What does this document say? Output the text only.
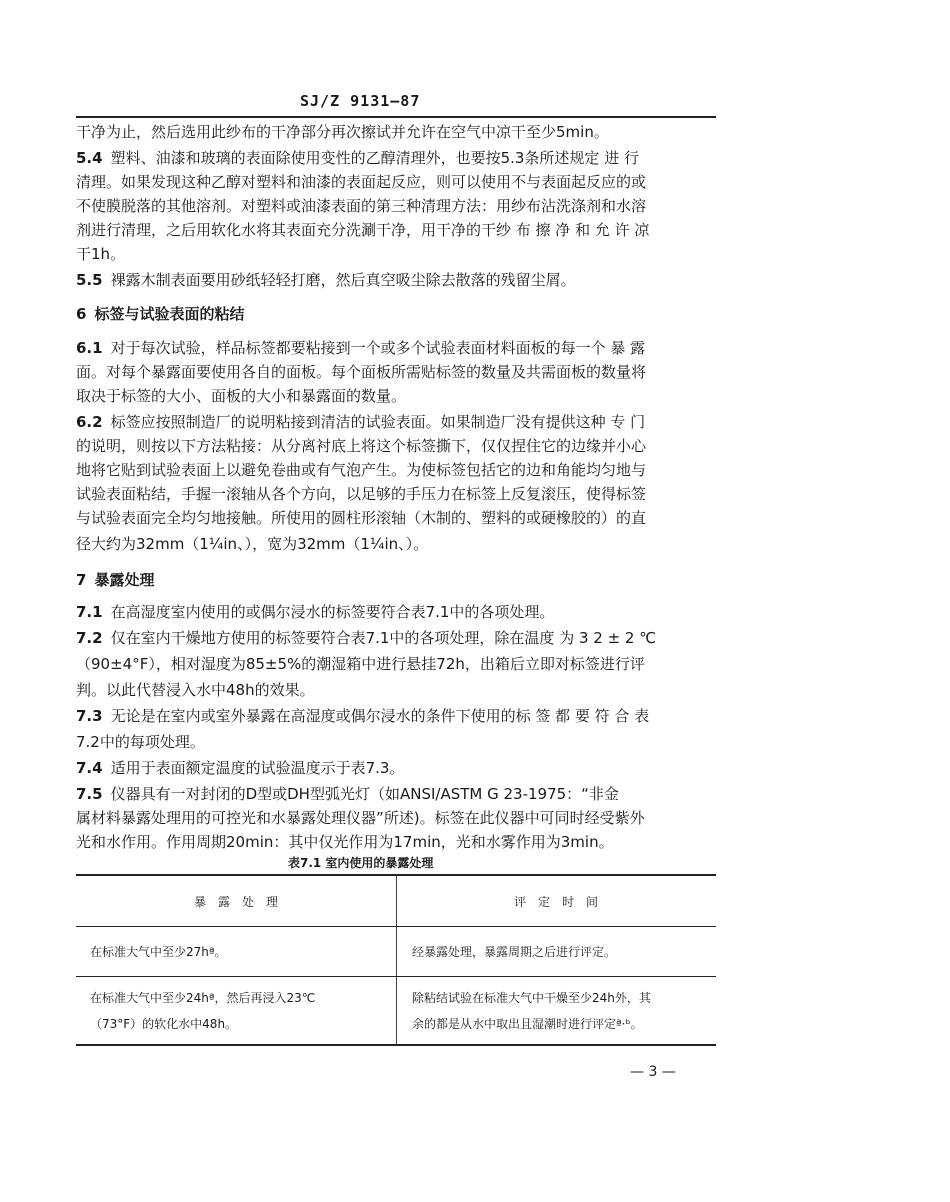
SJ/Z 9131—87
干净为止，然后选用此纱布的干净部分再次擦试并允许在空气中凉干至少5min。
5.4 塑料、油漆和玻璃的表面除使用变性的乙醇清理外，也要按5.3条所述规定 进 行
清理。如果发现这种乙醇对塑料和油漆的表面起反应，则可以使用不与表面起反应的或
不使膜脱落的其他溶剂。对塑料或油漆表面的第三种清理方法：用纱布沾洗涤剂和水溶
剂进行清理，之后用软化水将其表面充分洗涮干净，用干净的干纱 布 擦 净 和 允 许 凉
干1h。
5.5 裸露木制表面要用砂纸轻轻打磨，然后真空吸尘除去散落的残留尘屑。
6 标签与试验表面的粘结
6.1 对于每次试验，样品标签都要粘接到一个或多个试验表面材料面板的每一个 暴 露
面。对每个暴露面要使用各自的面板。每个面板所需贴标签的数量及共需面板的数量将
取决于标签的大小、面板的大小和暴露面的数量。
6.2 标签应按照制造厂的说明粘接到清洁的试验表面。如果制造厂没有提供这种 专 门
的说明，则按以下方法粘接：从分离衬底上将这个标签撕下，仅仅捏住它的边缘并小心
地将它贴到试验表面上以避免卷曲或有气泡产生。为使标签包括它的边和角能均匀地与
试验表面粘结，手握一滚轴从各个方向，以足够的手压力在标签上反复滚压，使得标签
与试验表面完全均匀地接触。所使用的圆柱形滚轴（木制的、塑料的或硬橡胶的）的直
径大约为32mm（1¼in、），宽为32mm（1¼in、）。
7 暴露处理
7.1 在高湿度室内使用的或偶尔浸水的标签要符合表7.1中的各项处理。
7.2 仅在室内干燥地方使用的标签要符合表7.1中的各项处理，除在温度 为 3 2 ± 2 ℃
（90±4°F），相对湿度为85±5%的潮湿箱中进行悬挂72h，出箱后立即对标签进行评
判。以此代替浸入水中48h的效果。
7.3 无论是在室内或室外暴露在高湿度或偶尔浸水的条件下使用的标 签 都 要 符 合 表
7.2中的每项处理。
7.4 适用于表面额定温度的试验温度示于表7.3。
7.5 仪器具有一对封闭的D型或DH型弧光灯（如ANSI/ASTM G 23-1975：“非金
属材料暴露处理用的可控光和水暴露处理仪器”所述)。标签在此仪器中可同时经受紫外
光和水作用。作用周期20min：其中仅光作用为17min，光和水雾作用为3min。
表7.1 室内使用的暴露处理
暴　露　处　理	评　定　时　间
在标准大气中至少27hª。	经暴露处理，暴露周期之后进行评定。
在标准大气中至少24hª，然后再浸入23℃
（73°F）的软化水中48h。
除粘结试验在标准大气中干燥至少24h外，其
余的都是从水中取出且湿潮时进行评定ª·ᵇ。
— 3 —
